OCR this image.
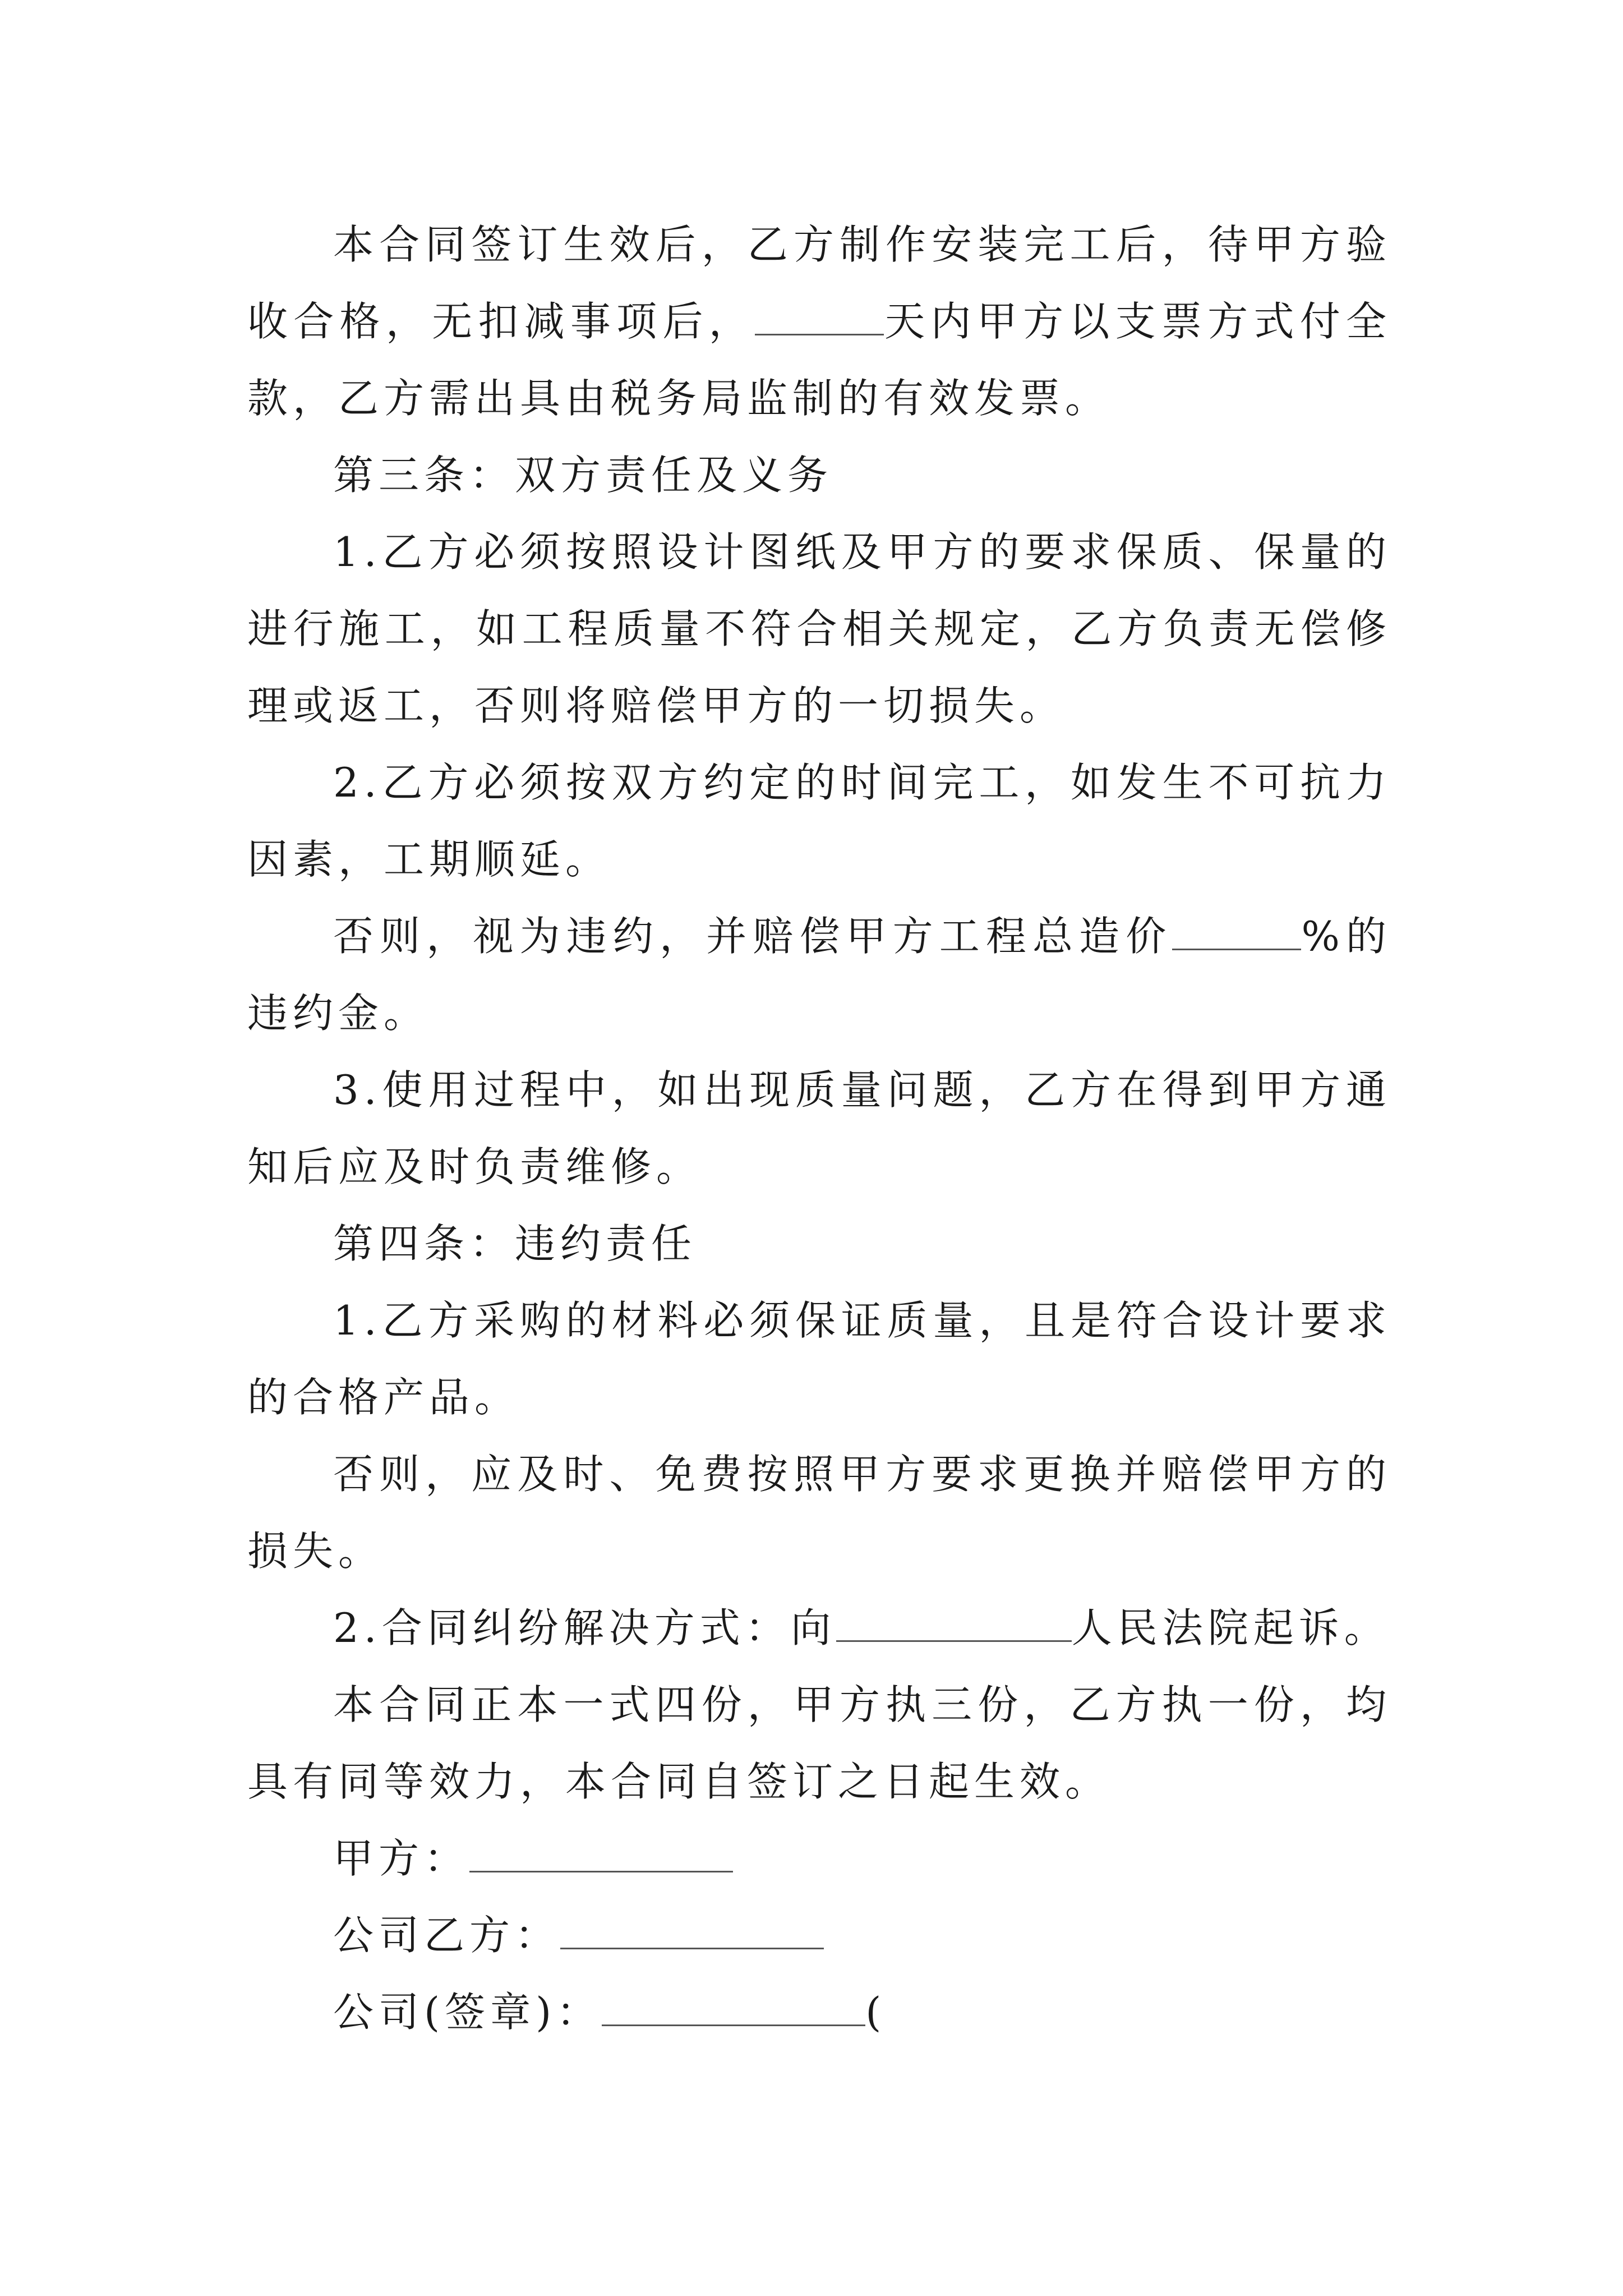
本合同签订生效后，乙方制作安装完工后，待甲方验收合格，无扣减事项后，	天内甲方以支票方式付全款，乙方需出具由税务局监制的有效发票。

第三条：双方责任及义务

1.乙方必须按照设计图纸及甲方的要求保质、保量的进行施工，如工程质量不符合相关规定，乙方负责无偿修理或返工，否则将赔偿甲方的一切损失。

2.乙方必须按双方约定的时间完工，如发生不可抗力因素，工期顺延。

否则，视为违约，并赔偿甲方工程总造价	%的违约金。

3.使用过程中，如出现质量问题，乙方在得到甲方通知后应及时负责维修。

第四条：违约责任

1.乙方采购的材料必须保证质量，且是符合设计要求的合格产品。

否则，应及时、免费按照甲方要求更换并赔偿甲方的损失。

2.合同纠纷解决方式：向	人民法院起诉。

本合同正本一式四份，甲方执三份，乙方执一份，均具有同等效力，本合同自签订之日起生效。

甲方：

公司乙方：

公司(签章)：	(
